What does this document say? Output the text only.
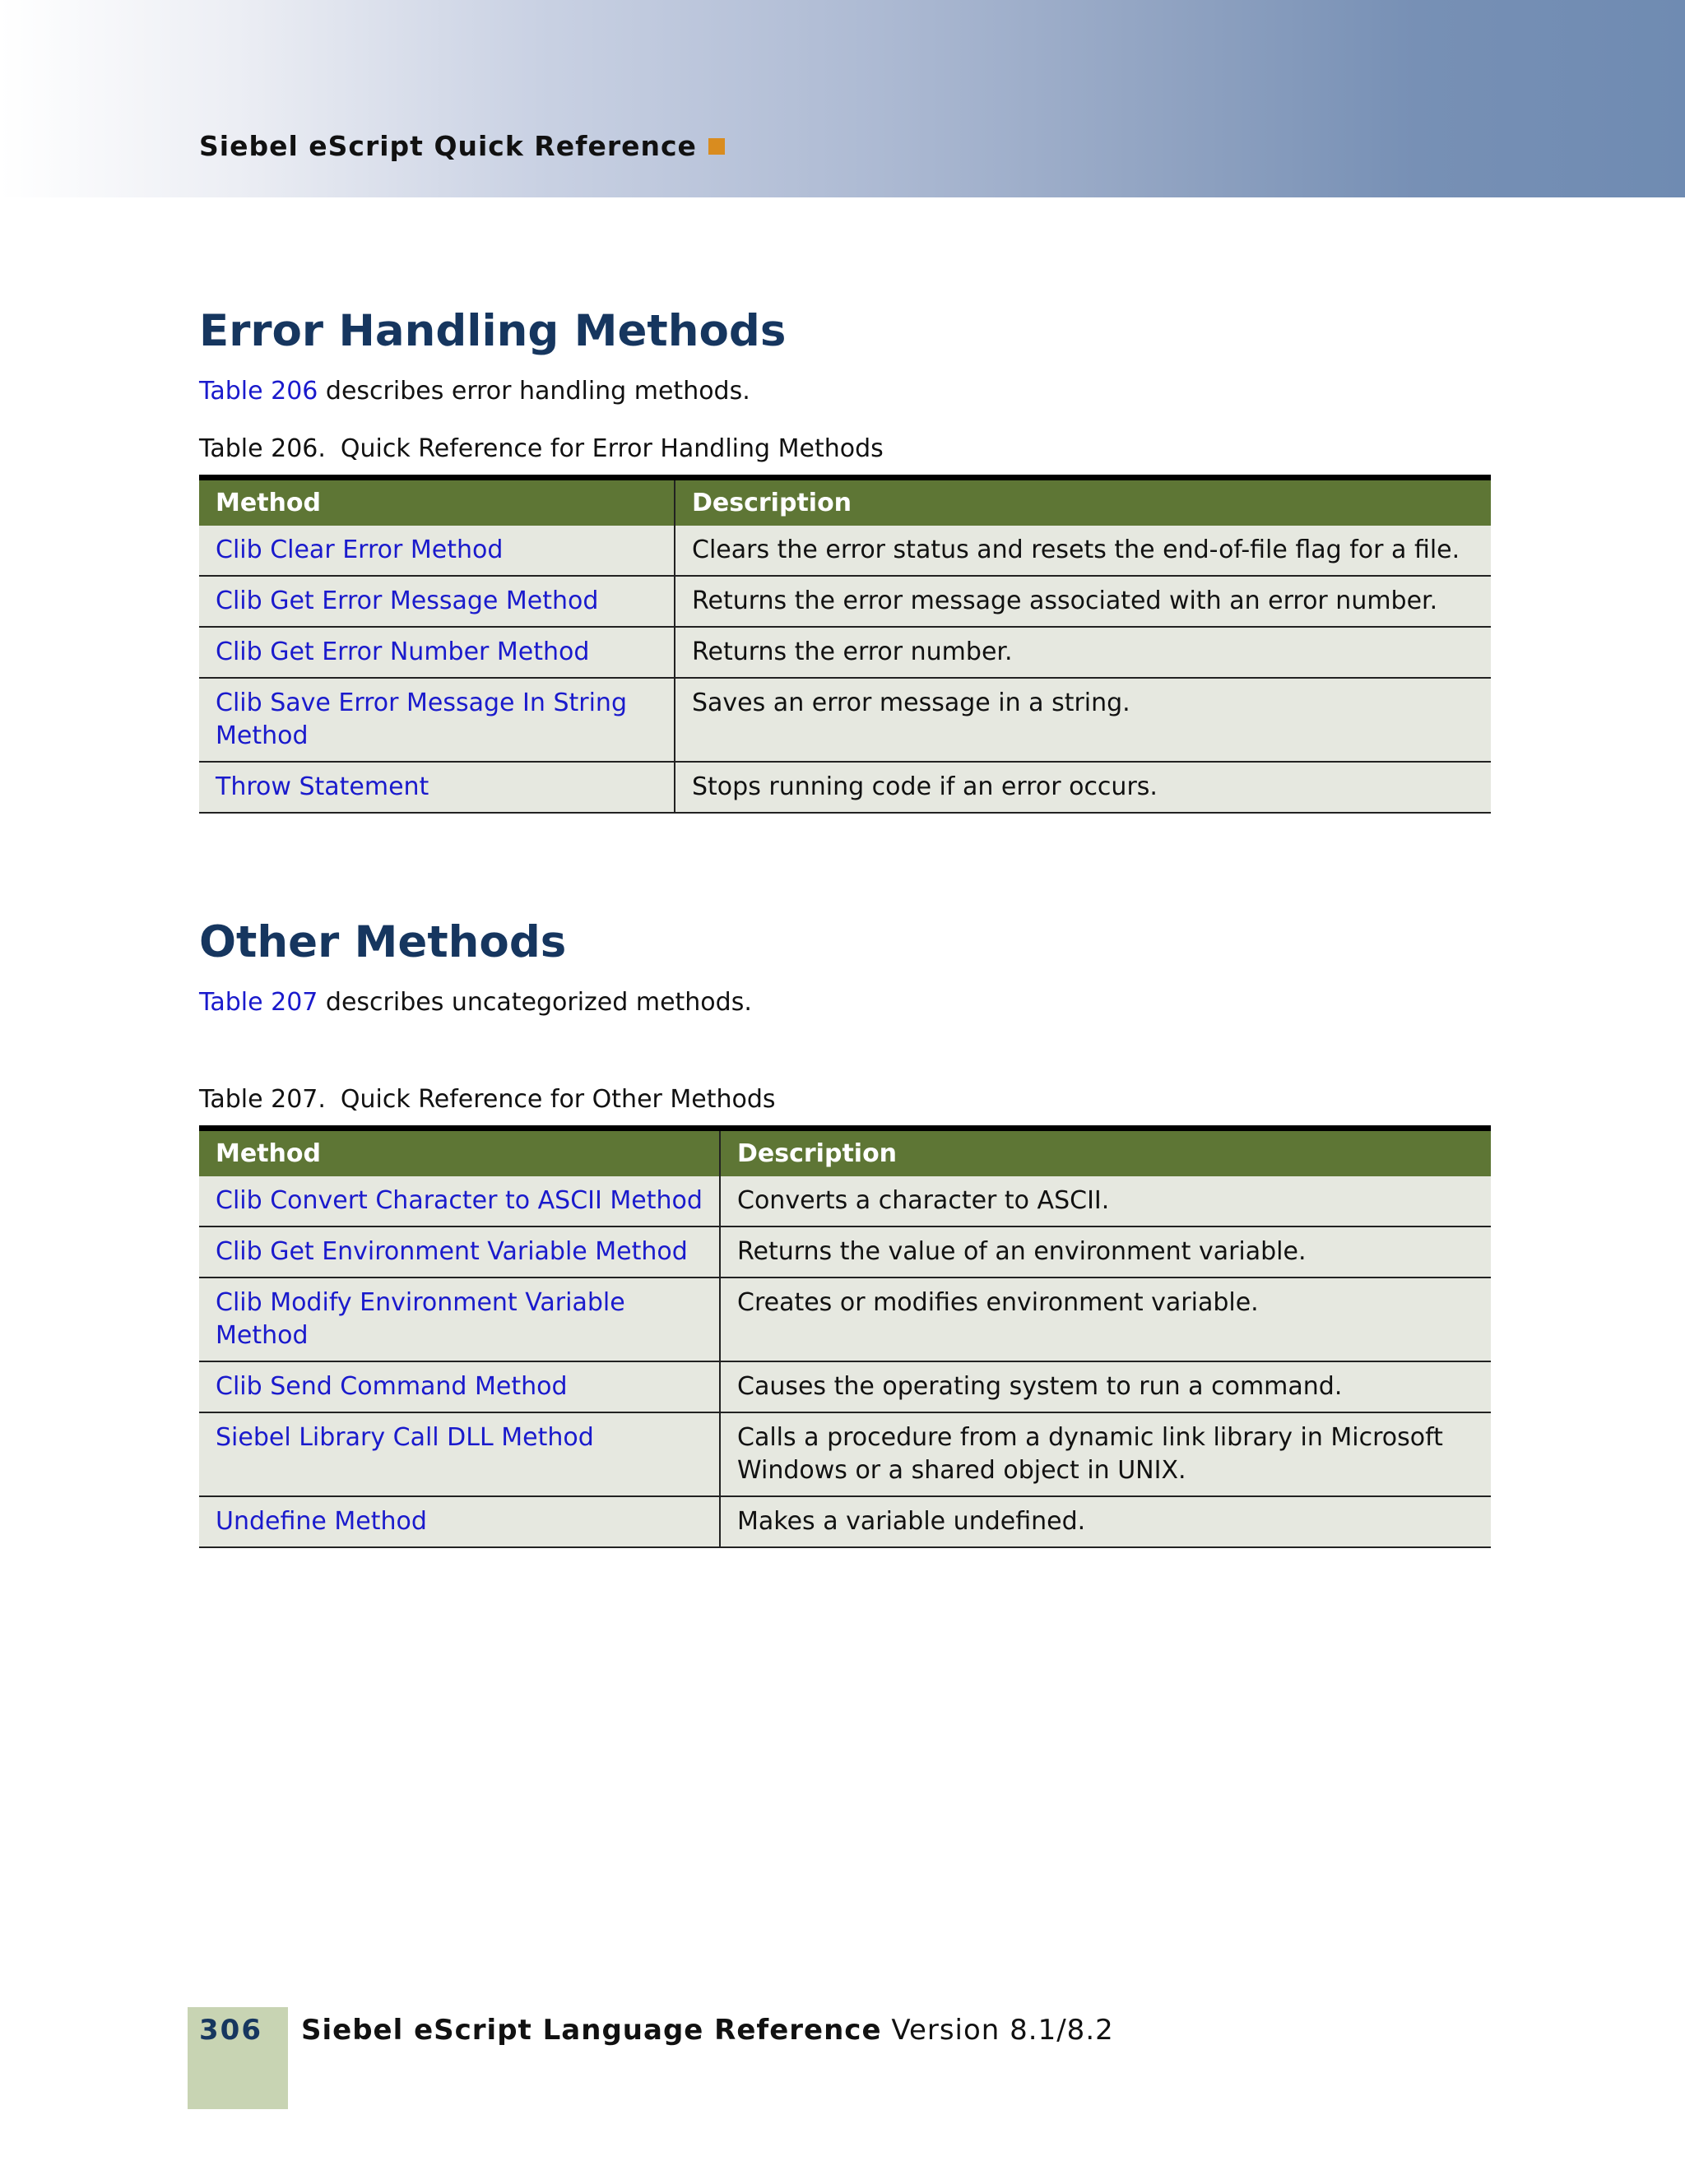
Siebel eScript Quick Reference
Error Handling Methods

Table 206 describes error handling methods.

Table 206. Quick Reference for Error Handling Methods

Method	Description
Clib Clear Error Method	Clears the error status and resets the end-of-file flag for a file.
Clib Get Error Message Method	Returns the error message associated with an error number.
Clib Get Error Number Method	Returns the error number.
Clib Save Error Message In String Method	Saves an error message in a string.
Throw Statement	Stops running code if an error occurs.
Other Methods

Table 207 describes uncategorized methods.

Table 207. Quick Reference for Other Methods

Method	Description
Clib Convert Character to ASCII Method	Converts a character to ASCII.
Clib Get Environment Variable Method	Returns the value of an environment variable.
Clib Modify Environment Variable Method	Creates or modifies environment variable.
Clib Send Command Method	Causes the operating system to run a command.
Siebel Library Call DLL Method	Calls a procedure from a dynamic link library in Microsoft Windows or a shared object in UNIX.
Undefine Method	Makes a variable undefined.
306 Siebel eScript Language Reference Version 8.1/8.2
